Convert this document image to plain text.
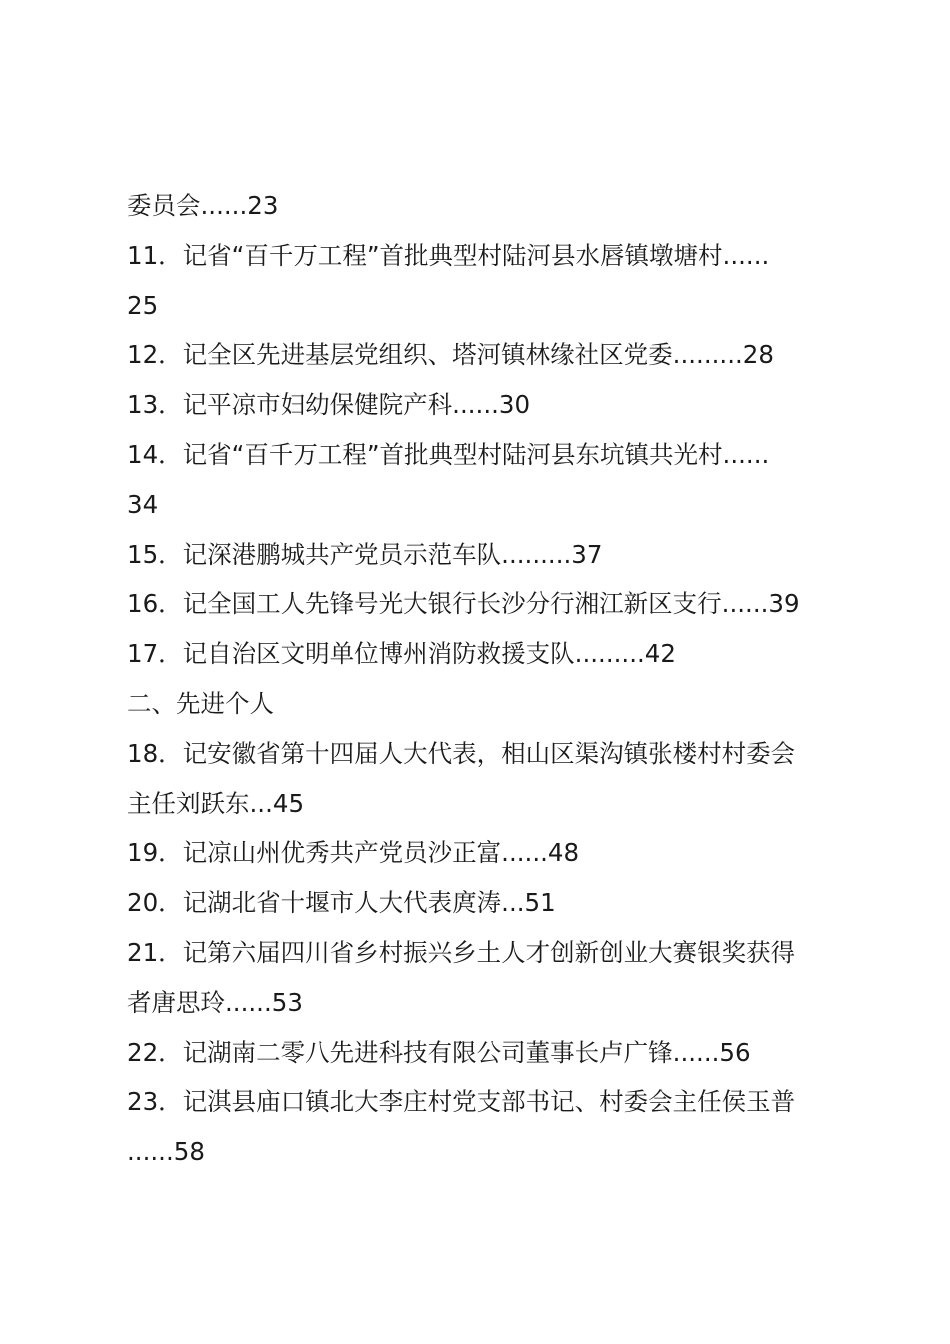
委员会......23
11．记省“百千万工程”首批典型村陆河县水唇镇墩塘村......
25
12．记全区先进基层党组织、塔河镇林缘社区党委.........28
13．记平凉市妇幼保健院产科......30
14．记省“百千万工程”首批典型村陆河县东坑镇共光村......
34
15．记深港鹏城共产党员示范车队.........37
16．记全国工人先锋号光大银行长沙分行湘江新区支行......39
17．记自治区文明单位博州消防救援支队.........42
二、先进个人
18．记安徽省第十四届人大代表，相山区渠沟镇张楼村村委会
主任刘跃东...45
19．记凉山州优秀共产党员沙正富......48
20．记湖北省十堰市人大代表庹涛...51
21．记第六届四川省乡村振兴乡土人才创新创业大赛银奖获得
者唐思玲......53
22．记湖南二零八先进科技有限公司董事长卢广锋......56
23．记淇县庙口镇北大李庄村党支部书记、村委会主任侯玉普
......58
